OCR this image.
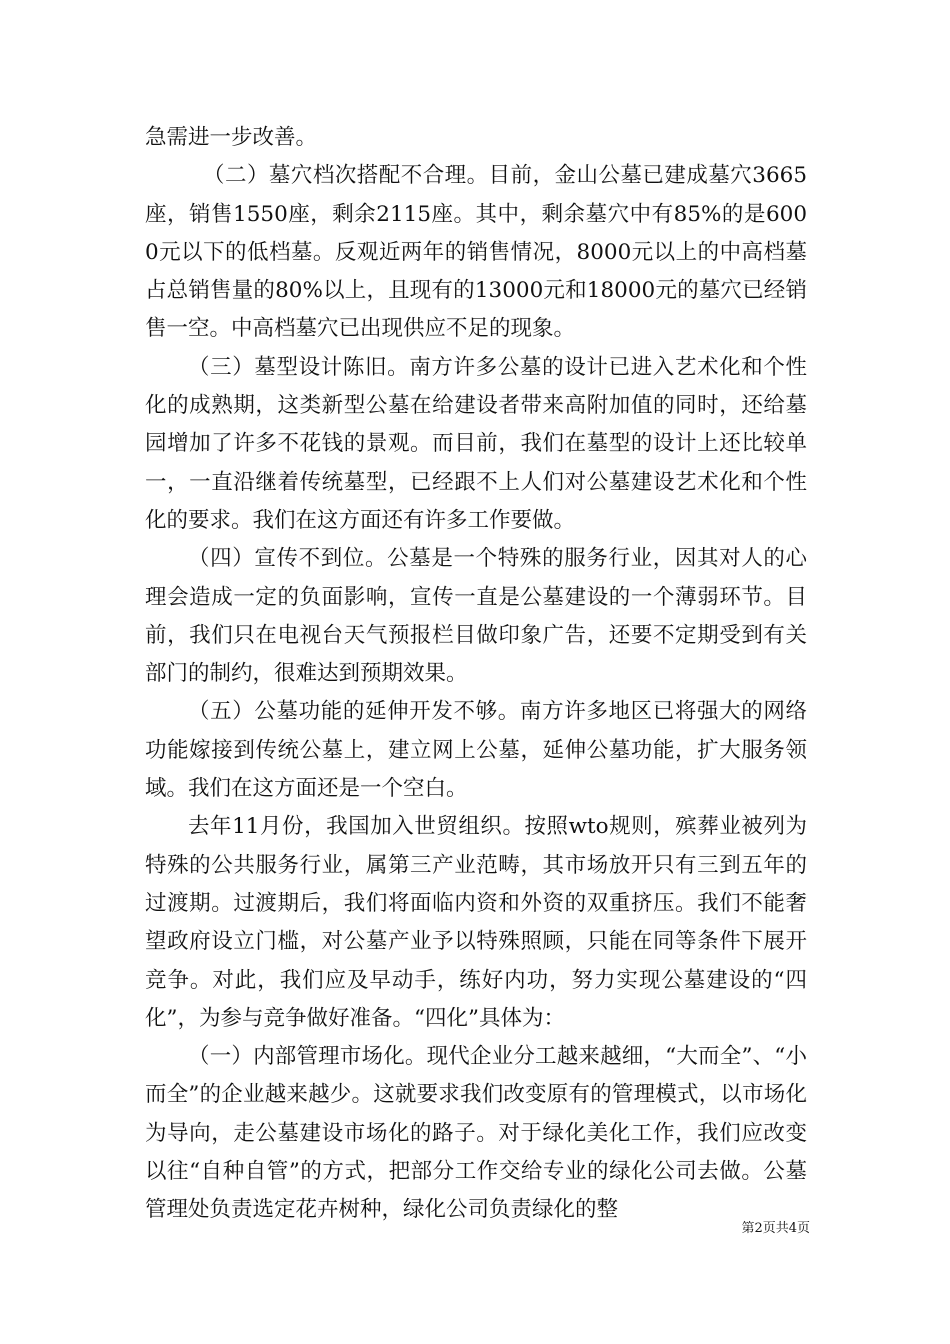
急需进一步改善。

（二）墓穴档次搭配不合理。目前，金山公墓已建成墓穴3665座，销售1550座，剩余2115座。其中，剩余墓穴中有85%的是6000元以下的低档墓。反观近两年的销售情况，8000元以上的中高档墓占总销售量的80%以上，且现有的13000元和18000元的墓穴已经销售一空。中高档墓穴已出现供应不足的现象。

（三）墓型设计陈旧。南方许多公墓的设计已进入艺术化和个性化的成熟期，这类新型公墓在给建设者带来高附加值的同时，还给墓园增加了许多不花钱的景观。而目前，我们在墓型的设计上还比较单一，一直沿继着传统墓型，已经跟不上人们对公墓建设艺术化和个性化的要求。我们在这方面还有许多工作要做。

（四）宣传不到位。公墓是一个特殊的服务行业，因其对人的心理会造成一定的负面影响，宣传一直是公墓建设的一个薄弱环节。目前，我们只在电视台天气预报栏目做印象广告，还要不定期受到有关部门的制约，很难达到预期效果。

（五）公墓功能的延伸开发不够。南方许多地区已将强大的网络功能嫁接到传统公墓上，建立网上公墓，延伸公墓功能，扩大服务领域。我们在这方面还是一个空白。

去年11月份，我国加入世贸组织。按照wto规则，殡葬业被列为特殊的公共服务行业，属第三产业范畴，其市场放开只有三到五年的过渡期。过渡期后，我们将面临内资和外资的双重挤压。我们不能奢望政府设立门槛，对公墓产业予以特殊照顾，只能在同等条件下展开竞争。对此，我们应及早动手，练好内功，努力实现公墓建设的“四化”，为参与竞争做好准备。“四化”具体为：

（一）内部管理市场化。现代企业分工越来越细，“大而全”、“小而全”的企业越来越少。这就要求我们改变原有的管理模式，以市场化为导向，走公墓建设市场化的路子。对于绿化美化工作，我们应改变以往“自种自管”的方式，把部分工作交给专业的绿化公司去做。公墓管理处负责选定花卉树种，绿化公司负责绿化的整

第2页共4页
